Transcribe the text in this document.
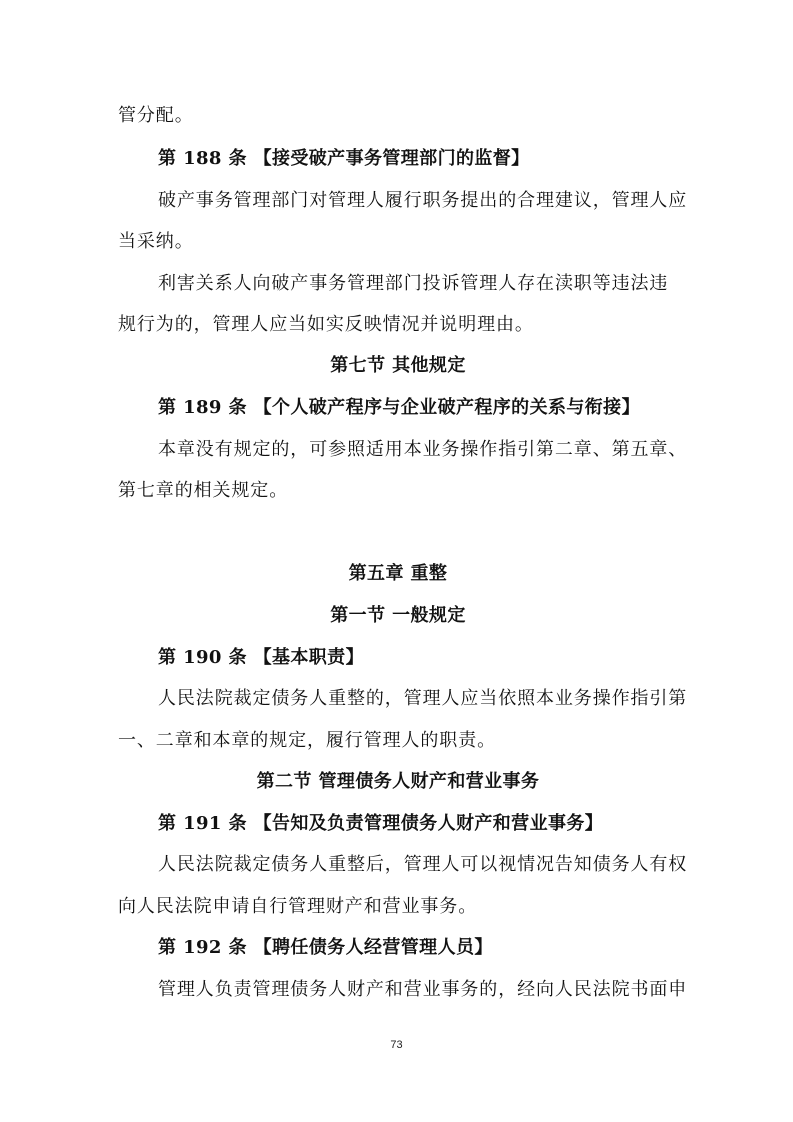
管分配。
第 188 条 【接受破产事务管理部门的监督】
破产事务管理部门对管理人履行职务提出的合理建议，管理人应
当采纳。
利害关系人向破产事务管理部门投诉管理人存在渎职等违法违
规行为的，管理人应当如实反映情况并说明理由。
第七节 其他规定
第 189 条 【个人破产程序与企业破产程序的关系与衔接】
本章没有规定的，可参照适用本业务操作指引第二章、第五章、
第七章的相关规定。
第五章 重整
第一节 一般规定
第 190 条 【基本职责】
人民法院裁定债务人重整的，管理人应当依照本业务操作指引第
一、二章和本章的规定，履行管理人的职责。
第二节 管理债务人财产和营业事务
第 191 条 【告知及负责管理债务人财产和营业事务】
人民法院裁定债务人重整后，管理人可以视情况告知债务人有权
向人民法院申请自行管理财产和营业事务。
第 192 条 【聘任债务人经营管理人员】
管理人负责管理债务人财产和营业事务的，经向人民法院书面申
73
